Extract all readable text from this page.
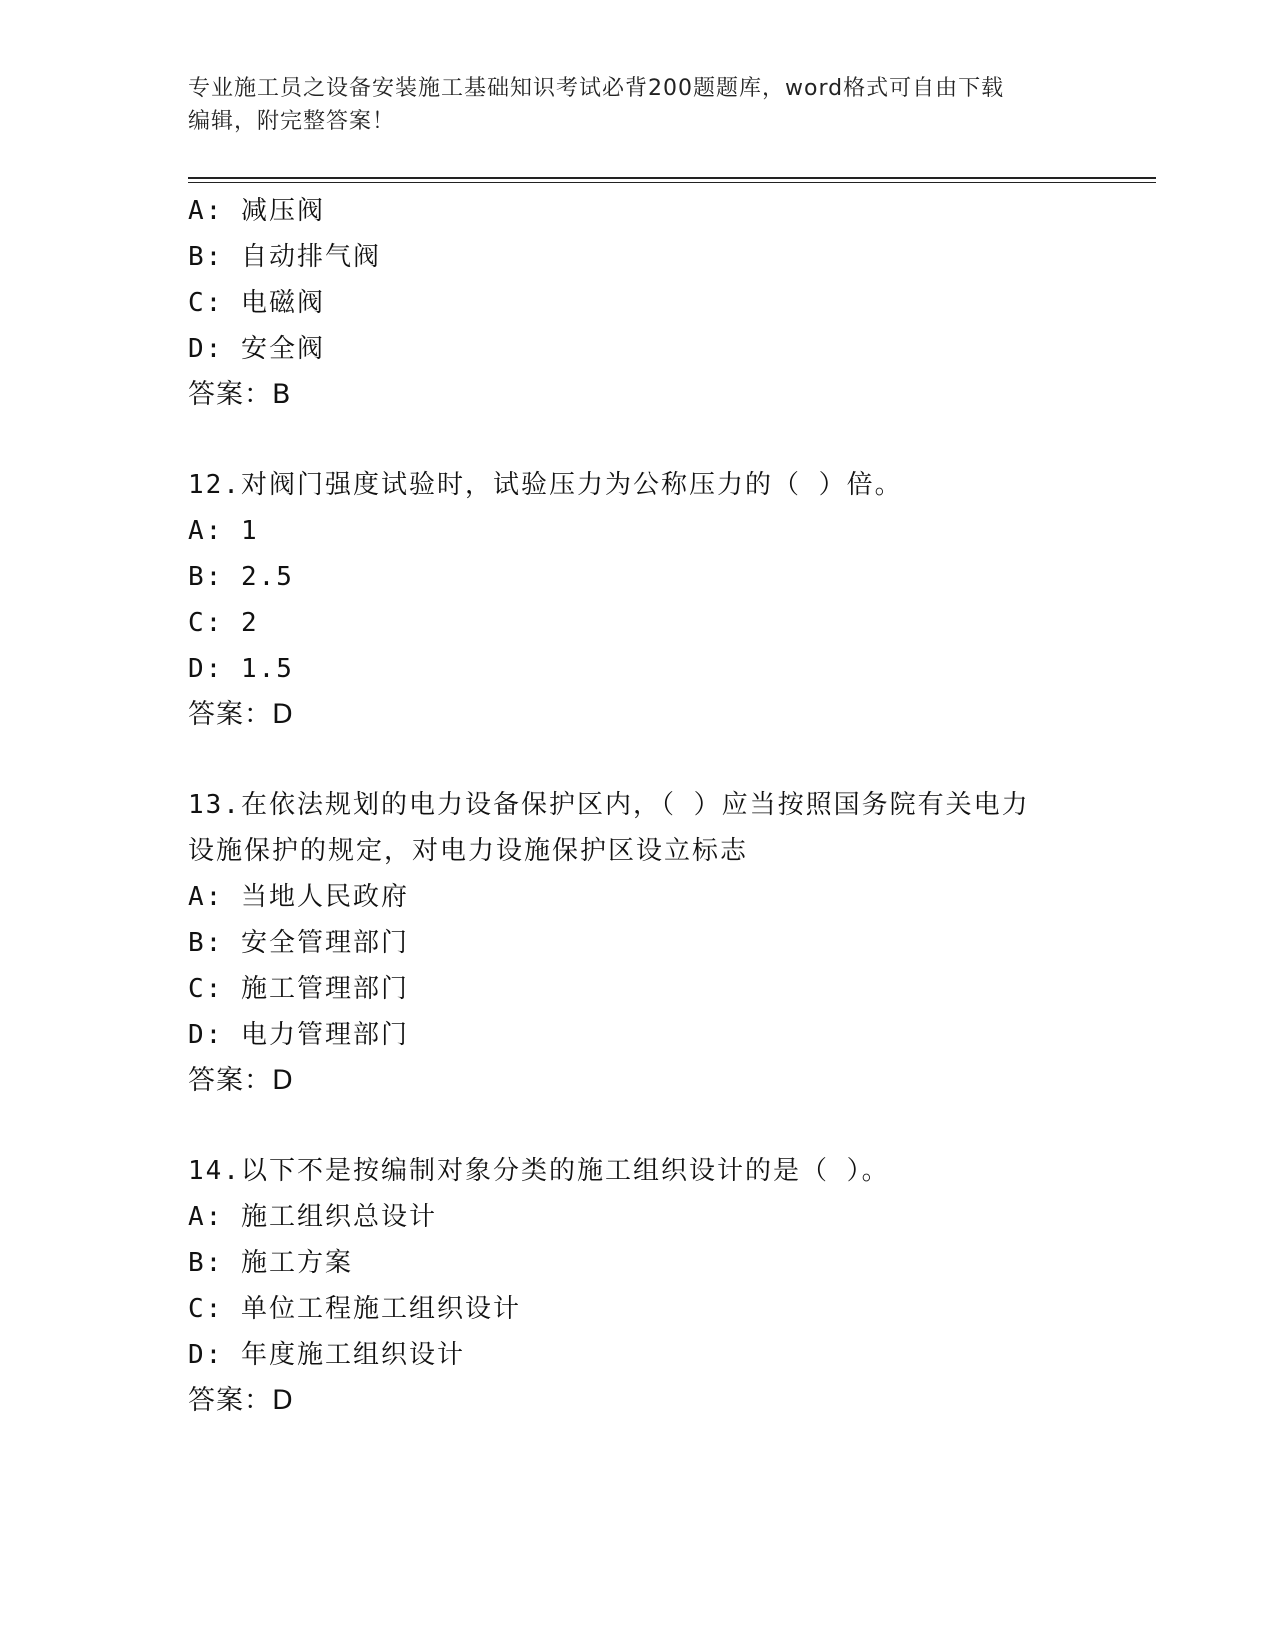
专业施工员之设备安装施工基础知识考试必背200题题库，word格式可自由下载
编辑，附完整答案！
A: 减压阀
B: 自动排气阀
C: 电磁阀
D: 安全阀
答案：B
12.对阀门强度试验时，试验压力为公称压力的（ ）倍。
A: 1
B: 2.5
C: 2
D: 1.5
答案：D
13.在依法规划的电力设备保护区内，（ ）应当按照国务院有关电力
设施保护的规定，对电力设施保护区设立标志
A: 当地人民政府
B: 安全管理部门
C: 施工管理部门
D: 电力管理部门
答案：D
14.以下不是按编制对象分类的施工组织设计的是（ ）。
A: 施工组织总设计
B: 施工方案
C: 单位工程施工组织设计
D: 年度施工组织设计
答案：D
